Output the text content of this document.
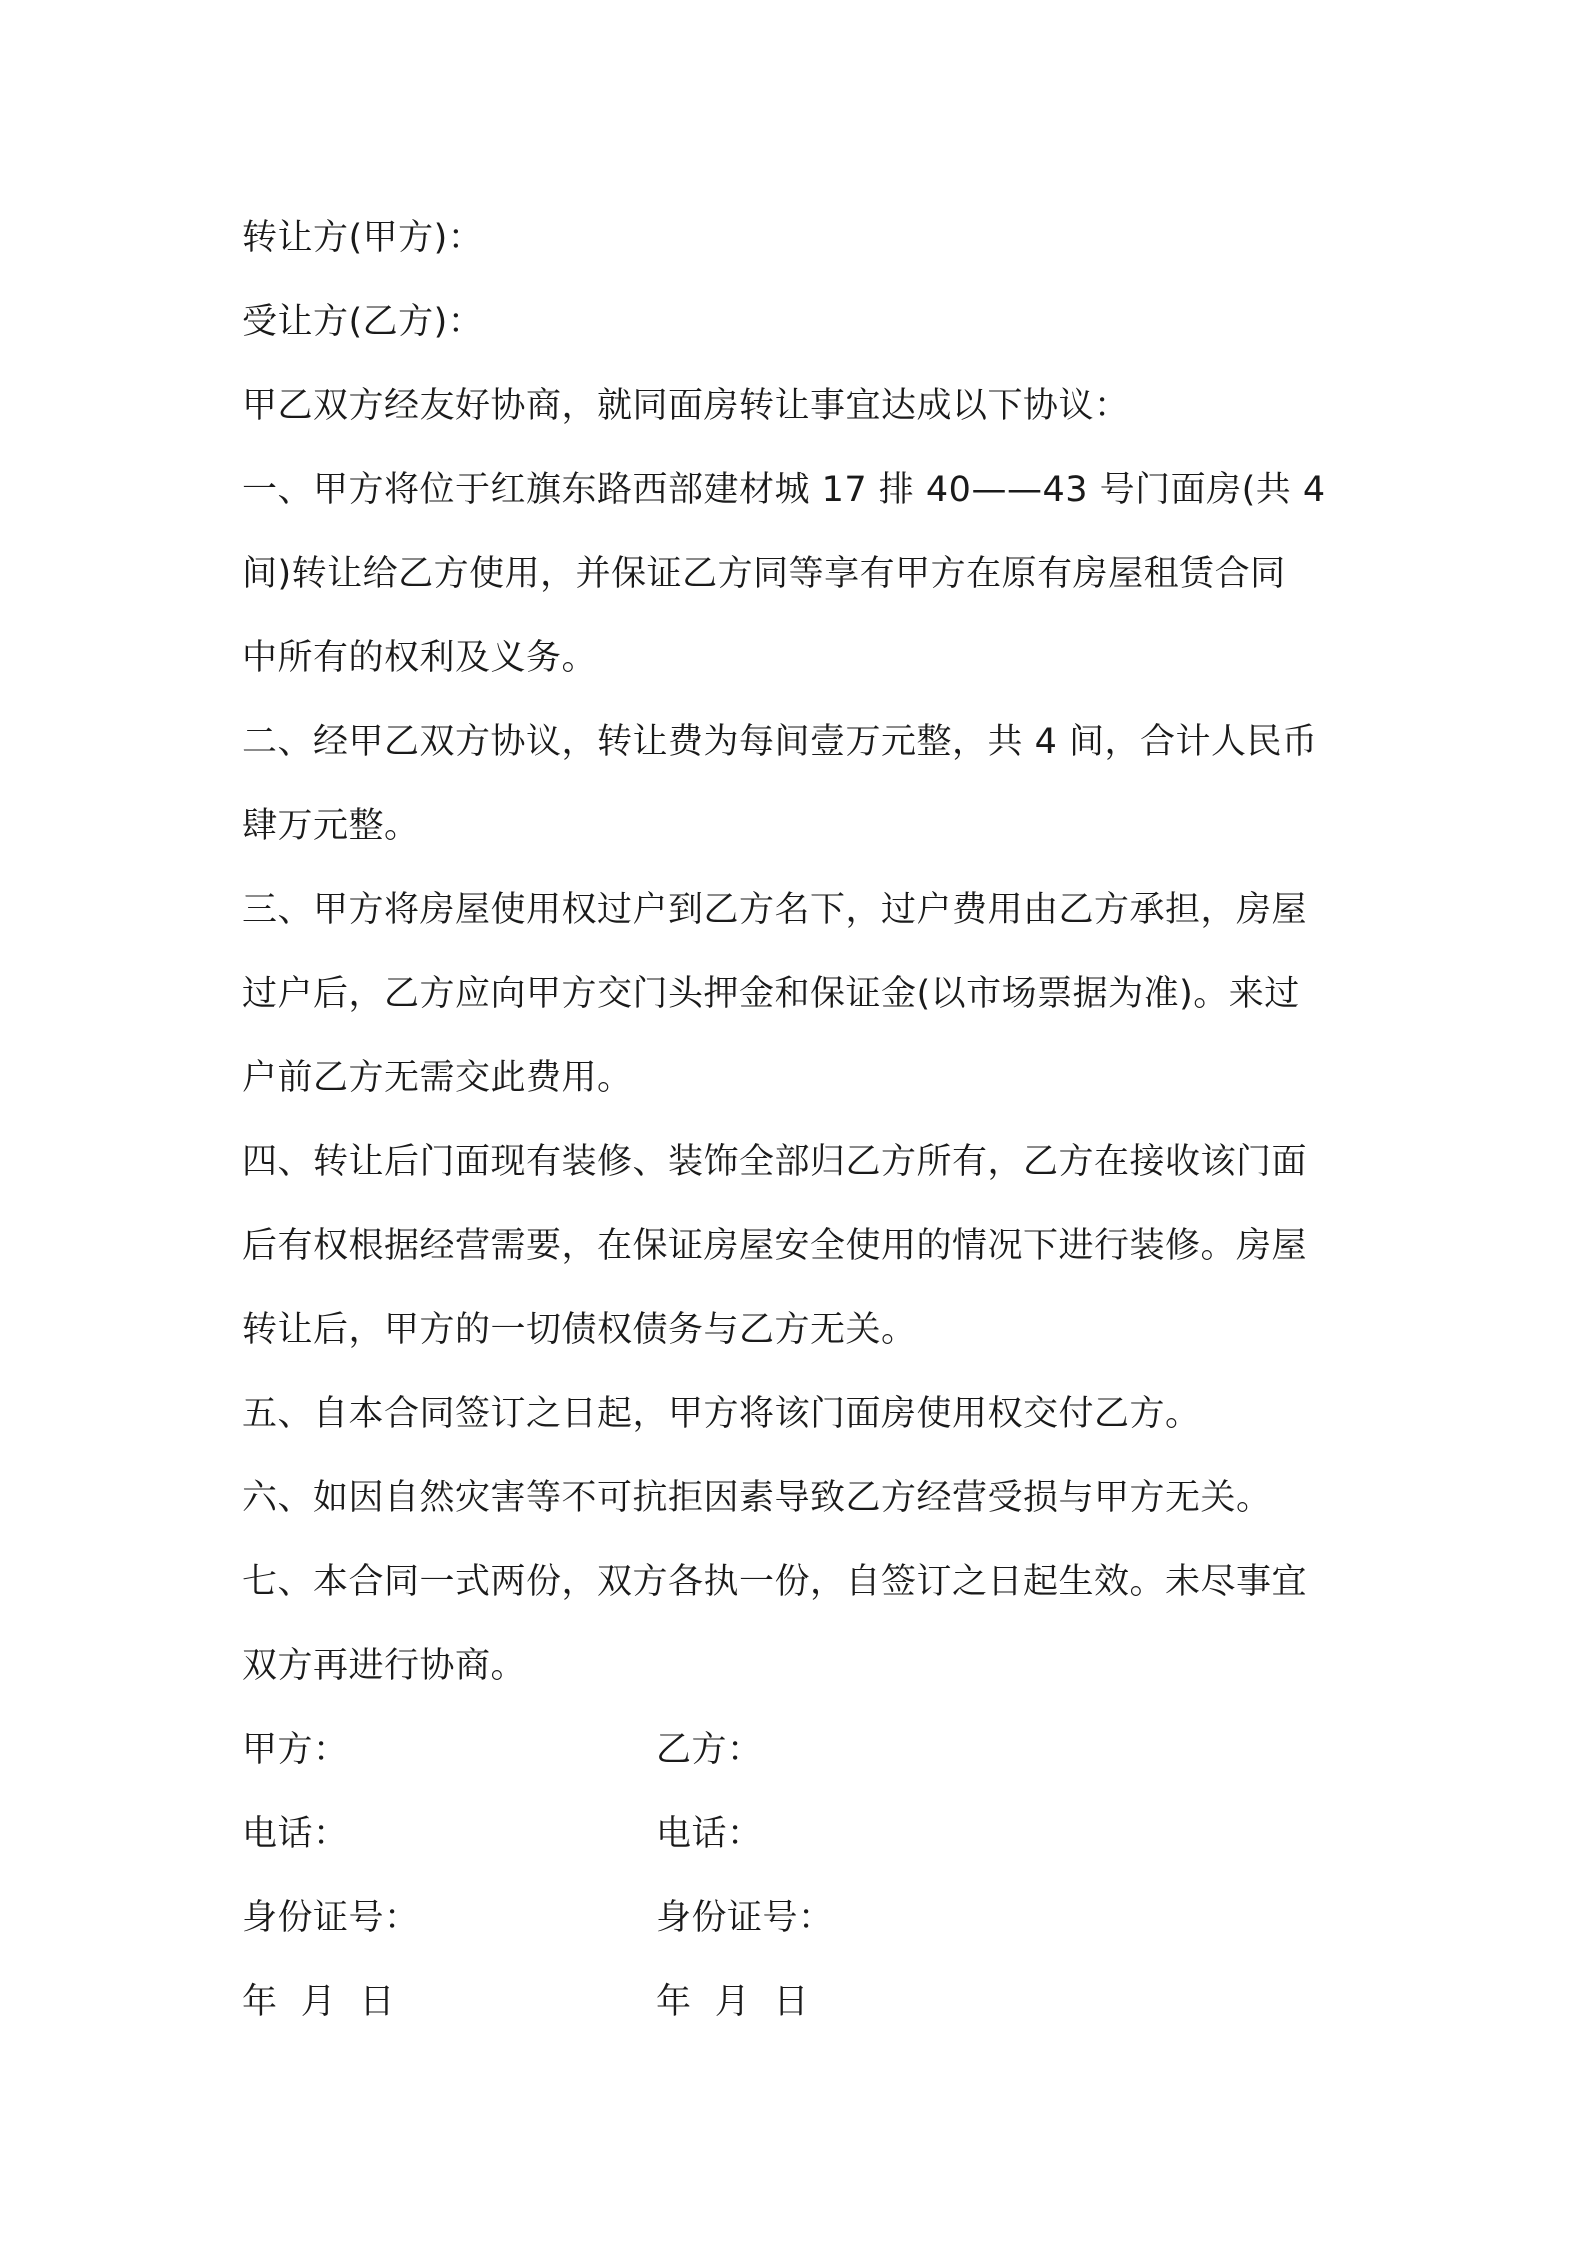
转让方(甲方)：
受让方(乙方)：
甲乙双方经友好协商，就同面房转让事宜达成以下协议：
一、甲方将位于红旗东路西部建材城 17 排 40——43 号门面房(共 4
间)转让给乙方使用，并保证乙方同等享有甲方在原有房屋租赁合同
中所有的权利及义务。
二、经甲乙双方协议，转让费为每间壹万元整，共 4 间，合计人民币
肆万元整。
三、甲方将房屋使用权过户到乙方名下，过户费用由乙方承担，房屋
过户后，乙方应向甲方交门头押金和保证金(以市场票据为准)。来过
户前乙方无需交此费用。
四、转让后门面现有装修、装饰全部归乙方所有，乙方在接收该门面
后有权根据经营需要，在保证房屋安全使用的情况下进行装修。房屋
转让后，甲方的一切债权债务与乙方无关。
五、自本合同签订之日起，甲方将该门面房使用权交付乙方。
六、如因自然灾害等不可抗拒因素导致乙方经营受损与甲方无关。
七、本合同一式两份，双方各执一份，自签订之日起生效。未尽事宜
双方再进行协商。
甲方：	乙方：
电话：	电话：
身份证号：	身份证号：
年  月  日	年  月  日
